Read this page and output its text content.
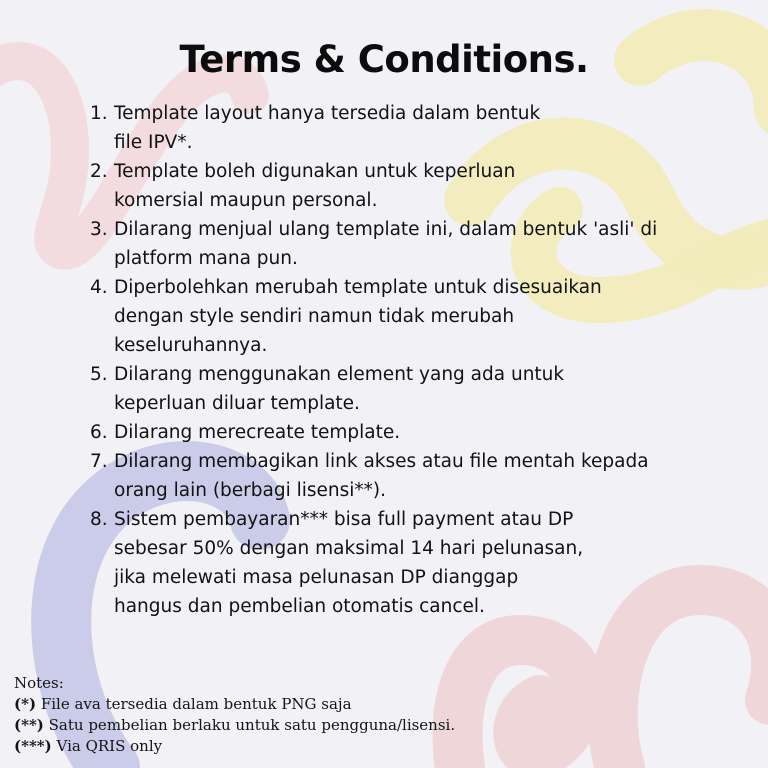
Terms & Conditions.
1. Template layout hanya tersedia dalam bentuk
file IPV*.
2. Template boleh digunakan untuk keperluan
komersial maupun personal.
3. Dilarang menjual ulang template ini, dalam bentuk 'asli' di
platform mana pun.
4. Diperbolehkan merubah template untuk disesuaikan
dengan style sendiri namun tidak merubah
keseluruhannya.
5. Dilarang menggunakan element yang ada untuk
keperluan diluar template.
6. Dilarang merecreate template.
7. Dilarang membagikan link akses atau file mentah kepada
orang lain (berbagi lisensi**).
8. Sistem pembayaran*** bisa full payment atau DP
sebesar 50% dengan maksimal 14 hari pelunasan,
jika melewati masa pelunasan DP dianggap
hangus dan pembelian otomatis cancel.
Notes:
(*) File ava tersedia dalam bentuk PNG saja
(**) Satu pembelian berlaku untuk satu pengguna/lisensi.
(***) Via QRIS only
